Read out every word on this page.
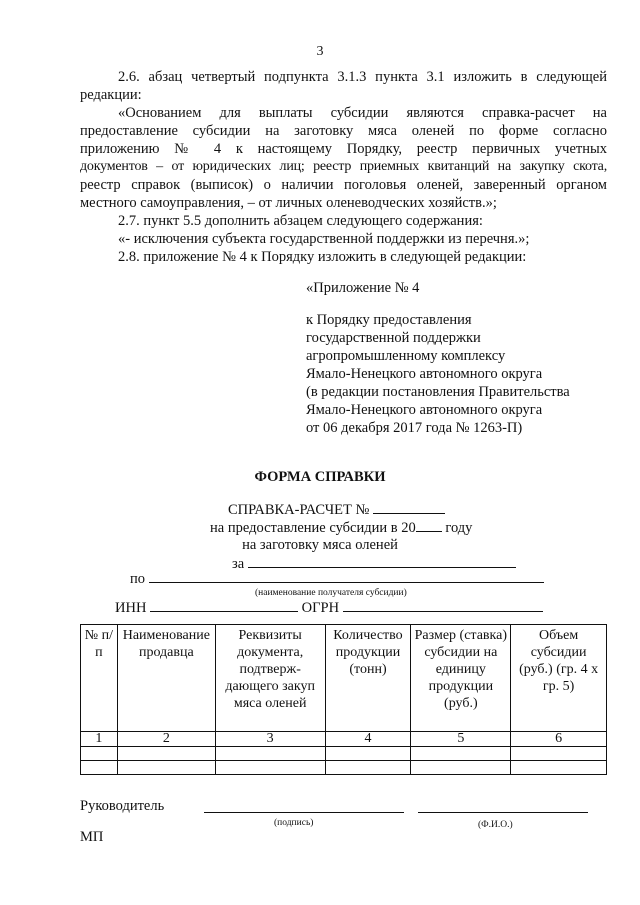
3
2.6. абзац четвертый подпункта 3.1.3 пункта 3.1 изложить в следующей
редакции:
«Основанием для выплаты субсидии являются справка-расчет на
предоставление субсидии на заготовку мяса оленей по форме согласно
приложению № 4 к настоящему Порядку, реестр первичных учетных
документов – от юридических лиц; реестр приемных квитанций на закупку скота,
реестр справок (выписок) о наличии поголовья оленей, заверенный органом
местного самоуправления, – от личных оленеводческих хозяйств.»;
2.7. пункт 5.5 дополнить абзацем следующего содержания:
«- исключения субъекта государственной поддержки из перечня.»;
2.8. приложение № 4 к Порядку изложить в следующей редакции:
«Приложение № 4
к Порядку предоставления
государственной поддержки
агропромышленному комплексу
Ямало-Ненецкого автономного округа
(в редакции постановления Правительства
Ямало-Ненецкого автономного округа
от 06 декабря 2017 года № 1263-П)
ФОРМА СПРАВКИ
СПРАВКА-РАСЧЕТ №
на предоставление субсидии в 20 году
на заготовку мяса оленей
за
по
(наименование получателя субсидии)
ИНН	ОГРН
№ п/п	Наименование продавца	Реквизиты документа, подтверж-дающего закуп мяса оленей	Количество продукции (тонн)	Размер (ставка) субсидии на единицу продукции (руб.)	Объем субсидии (руб.) (гр. 4 х гр. 5)
1	2	3	4	5	6

Руководитель
(подпись)	(Ф.И.О.)
МП
